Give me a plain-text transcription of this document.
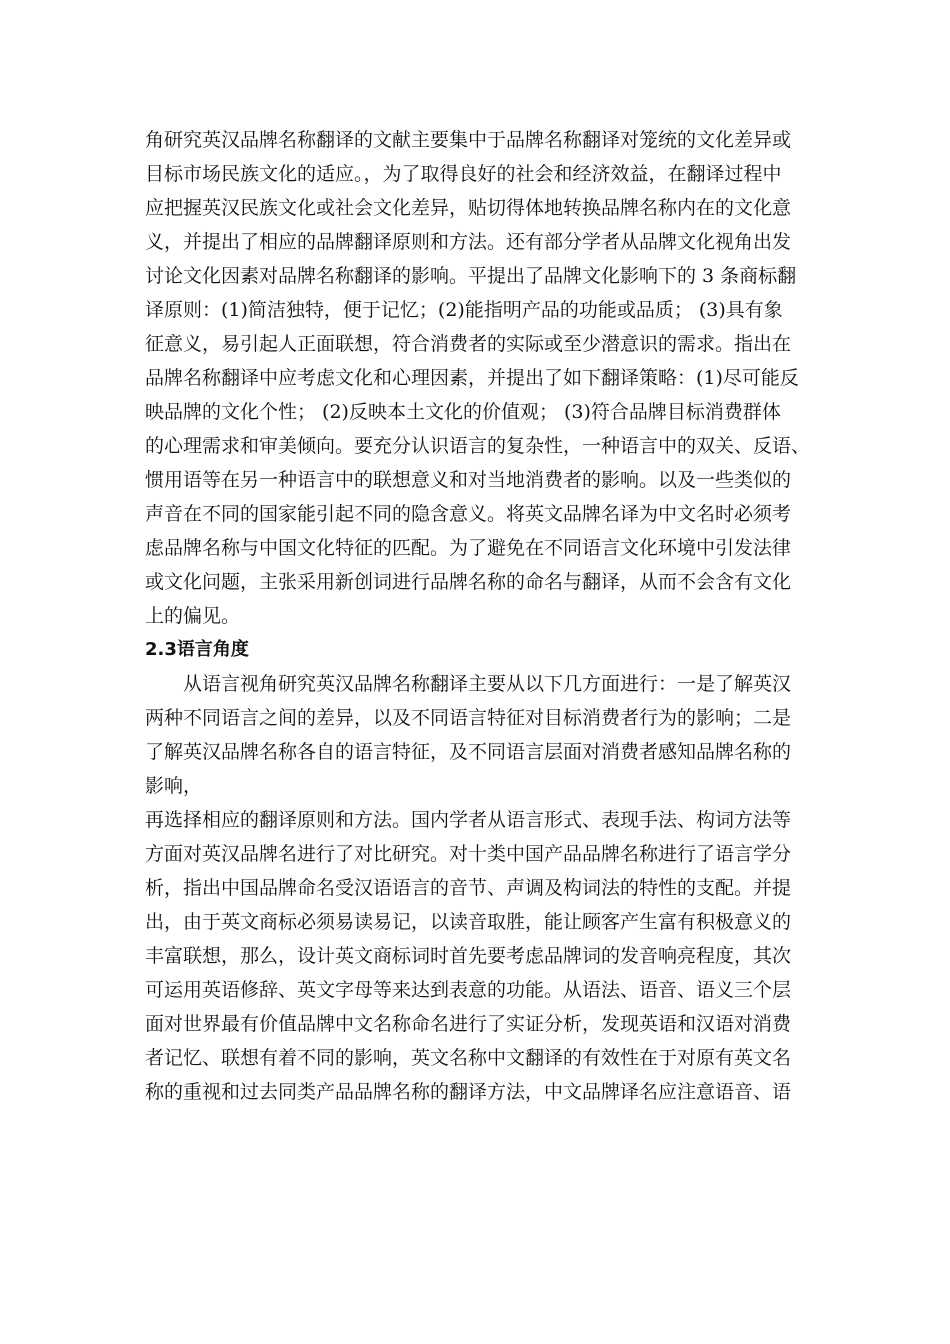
角研究英汉品牌名称翻译的文献主要集中于品牌名称翻译对笼统的文化差异或
目标市场民族文化的适应。，为了取得良好的社会和经济效益，在翻译过程中
应把握英汉民族文化或社会文化差异，贴切得体地转换品牌名称内在的文化意
义，并提出了相应的品牌翻译原则和方法。还有部分学者从品牌文化视角出发
讨论文化因素对品牌名称翻译的影响。平提出了品牌文化影响下的 3 条商标翻
译原则：(1)简洁独特，便于记忆；(2)能指明产品的功能或品质； (3)具有象
征意义，易引起人正面联想，符合消费者的实际或至少潜意识的需求。指出在
品牌名称翻译中应考虑文化和心理因素，并提出了如下翻译策略：(1)尽可能反
映品牌的文化个性； (2)反映本土文化的价值观； (3)符合品牌目标消费群体
的心理需求和审美倾向。要充分认识语言的复杂性，一种语言中的双关、反语、
惯用语等在另一种语言中的联想意义和对当地消费者的影响。以及一些类似的
声音在不同的国家能引起不同的隐含意义。将英文品牌名译为中文名时必须考
虑品牌名称与中国文化特征的匹配。为了避免在不同语言文化环境中引发法律
或文化问题，主张采用新创词进行品牌名称的命名与翻译，从而不会含有文化
上的偏见。
2.3语言角度
从语言视角研究英汉品牌名称翻译主要从以下几方面进行：一是了解英汉
两种不同语言之间的差异，以及不同语言特征对目标消费者行为的影响；二是
了解英汉品牌名称各自的语言特征，及不同语言层面对消费者感知品牌名称的
影响，
再选择相应的翻译原则和方法。国内学者从语言形式、表现手法、构词方法等
方面对英汉品牌名进行了对比研究。对十类中国产品品牌名称进行了语言学分
析，指出中国品牌命名受汉语语言的音节、声调及构词法的特性的支配。并提
出，由于英文商标必须易读易记，以读音取胜，能让顾客产生富有积极意义的
丰富联想，那么，设计英文商标词时首先要考虑品牌词的发音响亮程度，其次
可运用英语修辞、英文字母等来达到表意的功能。从语法、语音、语义三个层
面对世界最有价值品牌中文名称命名进行了实证分析，发现英语和汉语对消费
者记忆、联想有着不同的影响，英文名称中文翻译的有效性在于对原有英文名
称的重视和过去同类产品品牌名称的翻译方法，中文品牌译名应注意语音、语
